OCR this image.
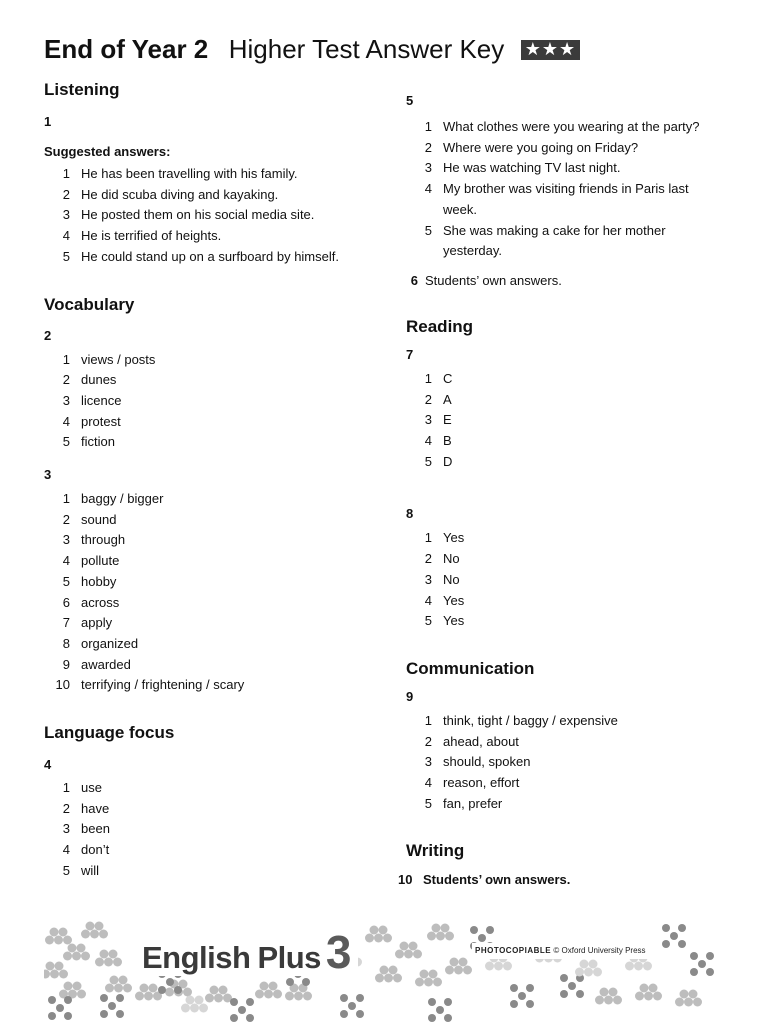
End of Year 2 Higher Test Answer Key ★★★
Listening
1
Suggested answers:
1 He has been travelling with his family.
2 He did scuba diving and kayaking.
3 He posted them on his social media site.
4 He is terrified of heights.
5 He could stand up on a surfboard by himself.
Vocabulary
2
1 views / posts
2 dunes
3 licence
4 protest
5 fiction
3
1 baggy / bigger
2 sound
3 through
4 pollute
5 hobby
6 across
7 apply
8 organized
9 awarded
10 terrifying / frightening / scary
Language focus
4
1 use
2 have
3 been
4 don’t
5 will
5
1 What clothes were you wearing at the party?
2 Where were you going on Friday?
3 He was watching TV last night.
4 My brother was visiting friends in Paris last week.
5 She was making a cake for her mother yesterday.
6 Students’ own answers.
Reading
7
1 C
2 A
3 E
4 B
5 D
8
1 Yes
2 No
3 No
4 Yes
5 Yes
Communication
9
1 think, tight / baggy / expensive
2 ahead, about
3 should, spoken
4 reason, effort
5 fan, prefer
Writing
10 Students’ own answers.
English Plus 3	PHOTOCOPIABLE © Oxford University Press
